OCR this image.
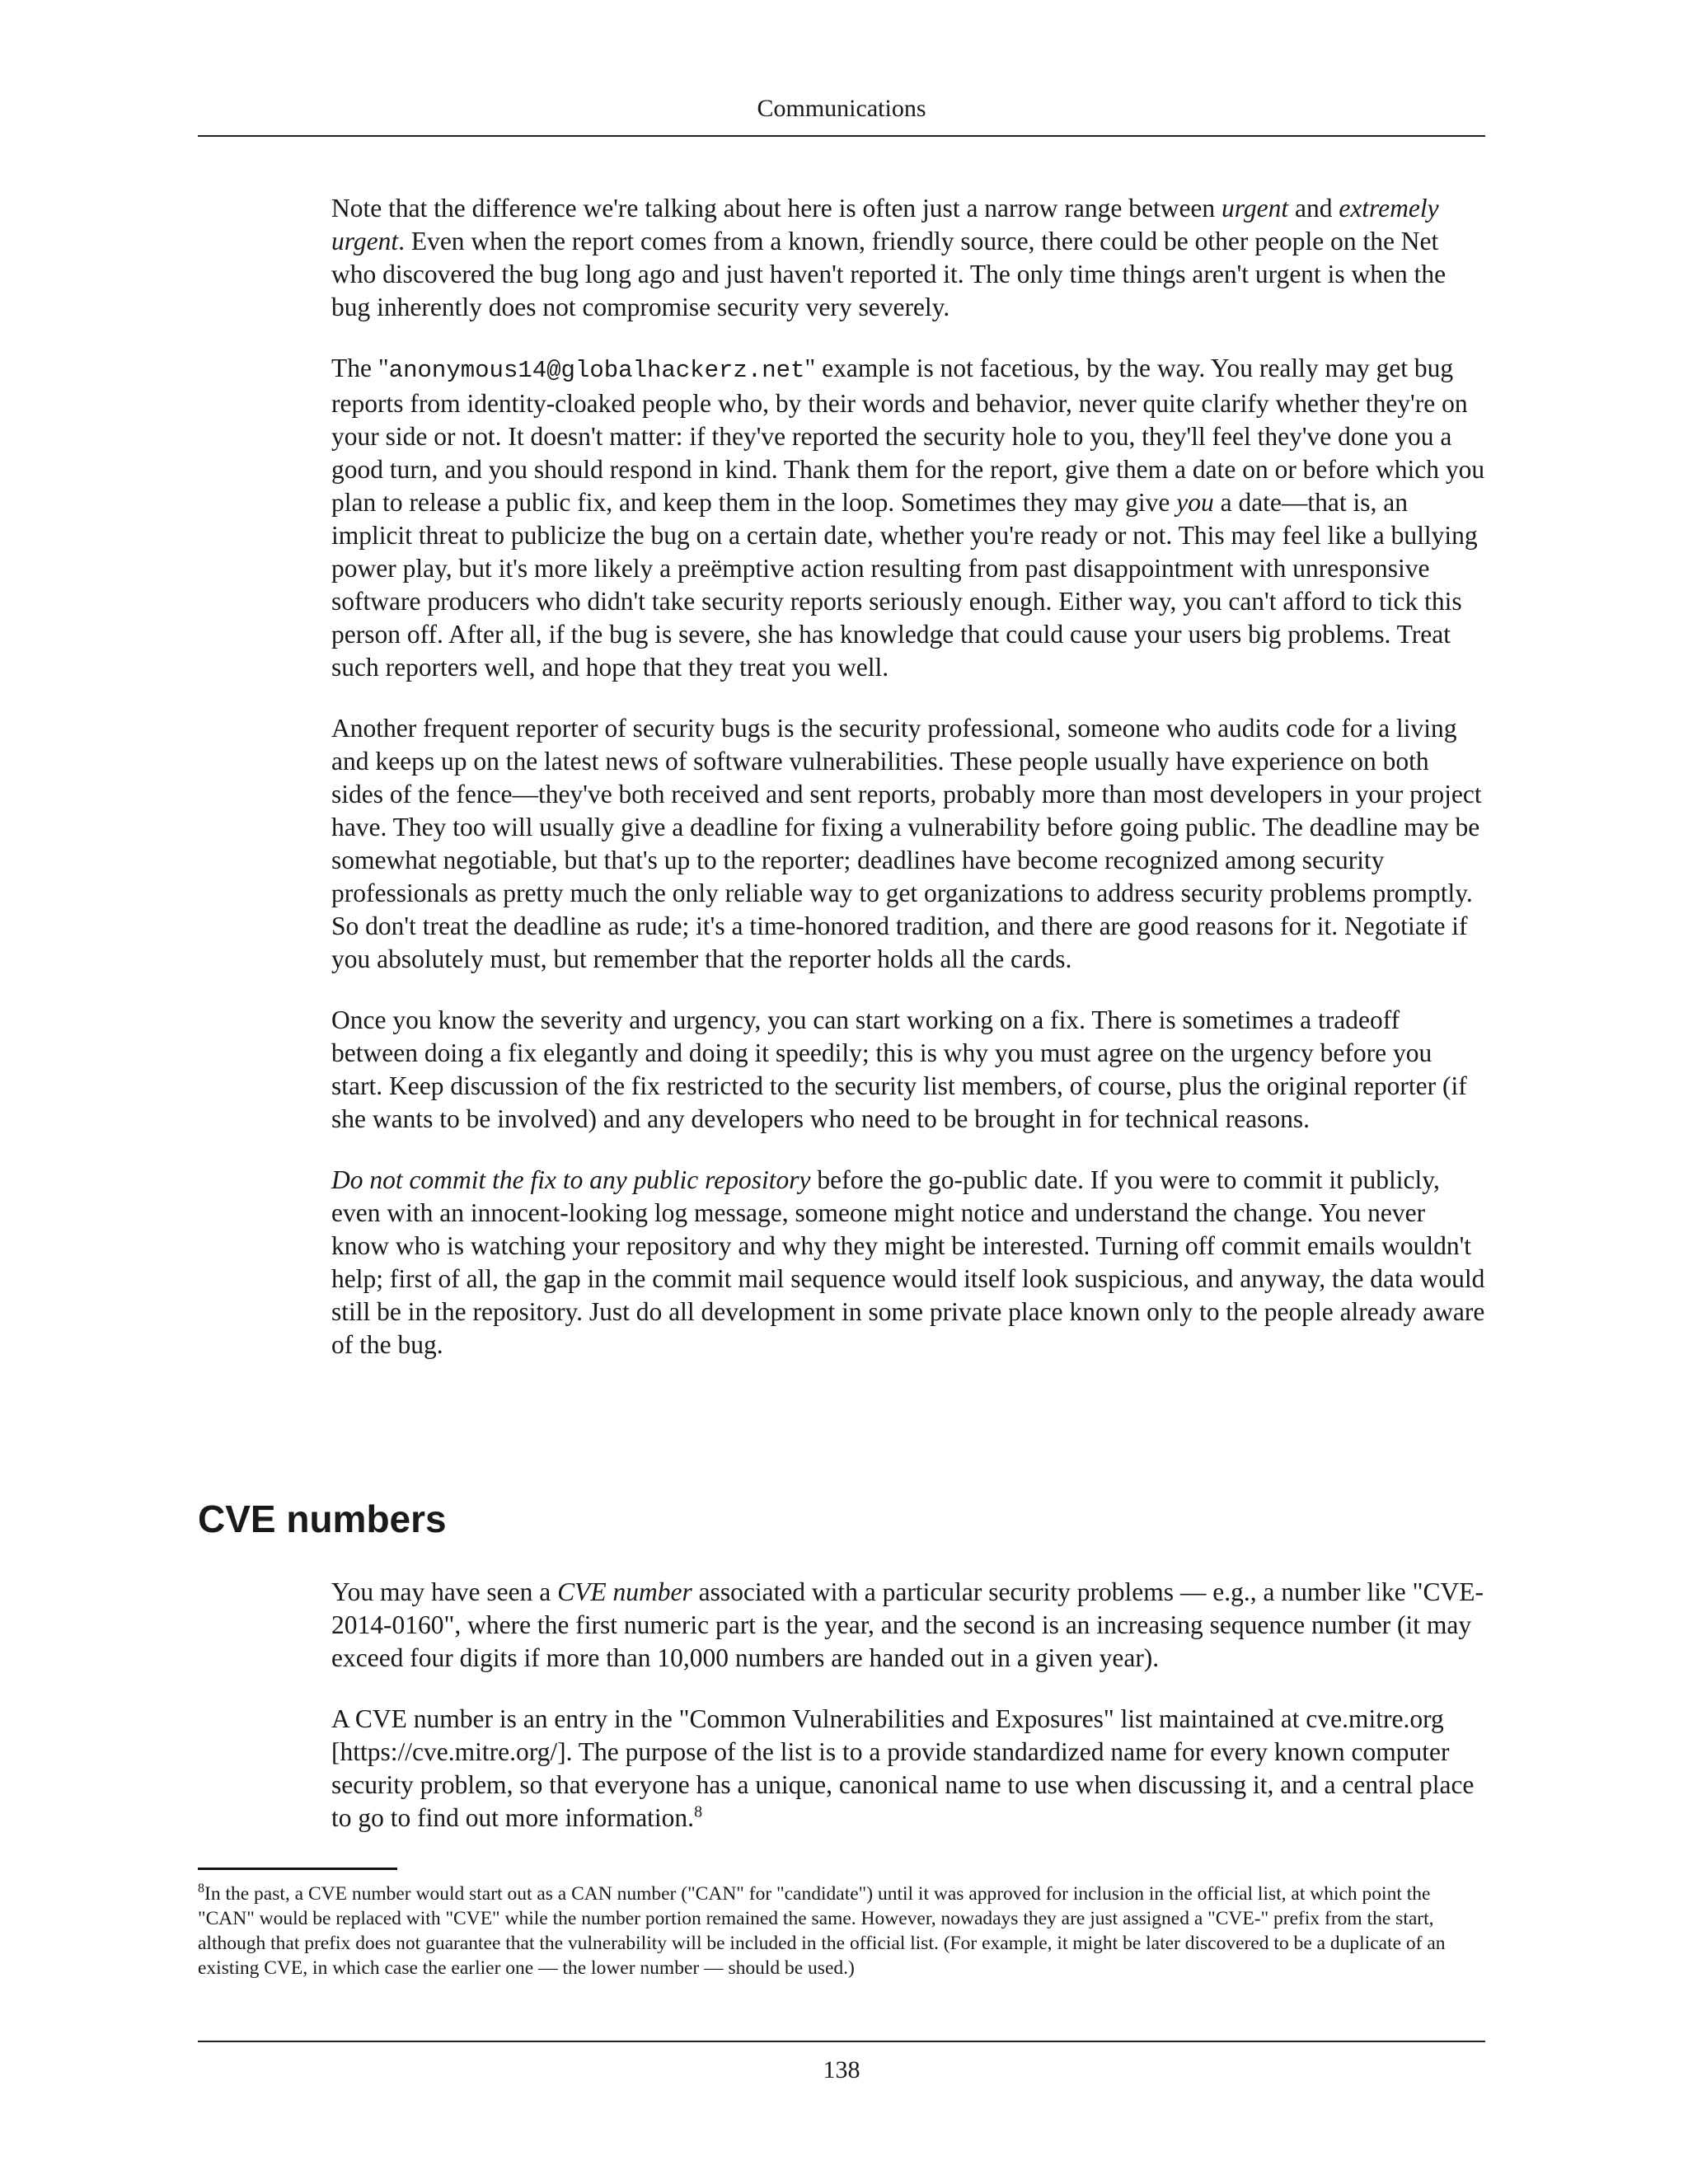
Communications

Note that the difference we're talking about here is often just a narrow range between urgent and extremely urgent. Even when the report comes from a known, friendly source, there could be other people on the Net who discovered the bug long ago and just haven't reported it. The only time things aren't urgent is when the bug inherently does not compromise security very severely.

The "anonymous14@globalhackerz.net" example is not facetious, by the way. You really may get bug reports from identity-cloaked people who, by their words and behavior, never quite clarify whether they're on your side or not. It doesn't matter: if they've reported the security hole to you, they'll feel they've done you a good turn, and you should respond in kind. Thank them for the report, give them a date on or before which you plan to release a public fix, and keep them in the loop. Sometimes they may give you a date—that is, an implicit threat to publicize the bug on a certain date, whether you're ready or not. This may feel like a bullying power play, but it's more likely a preëmptive action resulting from past disappointment with unresponsive software producers who didn't take security reports seriously enough. Either way, you can't afford to tick this person off. After all, if the bug is severe, she has knowledge that could cause your users big problems. Treat such reporters well, and hope that they treat you well.

Another frequent reporter of security bugs is the security professional, someone who audits code for a living and keeps up on the latest news of software vulnerabilities. These people usually have experience on both sides of the fence—they've both received and sent reports, probably more than most developers in your project have. They too will usually give a deadline for fixing a vulnerability before going public. The deadline may be somewhat negotiable, but that's up to the reporter; deadlines have become recognized among security professionals as pretty much the only reliable way to get organizations to address security problems promptly. So don't treat the deadline as rude; it's a time-honored tradition, and there are good reasons for it. Negotiate if you absolutely must, but remember that the reporter holds all the cards.

Once you know the severity and urgency, you can start working on a fix. There is sometimes a tradeoff between doing a fix elegantly and doing it speedily; this is why you must agree on the urgency before you start. Keep discussion of the fix restricted to the security list members, of course, plus the original reporter (if she wants to be involved) and any developers who need to be brought in for technical reasons.

Do not commit the fix to any public repository before the go-public date. If you were to commit it publicly, even with an innocent-looking log message, someone might notice and understand the change. You never know who is watching your repository and why they might be interested. Turning off commit emails wouldn't help; first of all, the gap in the commit mail sequence would itself look suspicious, and anyway, the data would still be in the repository. Just do all development in some private place known only to the people already aware of the bug.

CVE numbers

You may have seen a CVE number associated with a particular security problems — e.g., a number like "CVE-2014-0160", where the first numeric part is the year, and the second is an increasing sequence number (it may exceed four digits if more than 10,000 numbers are handed out in a given year).

A CVE number is an entry in the "Common Vulnerabilities and Exposures" list maintained at cve.mitre.org [https://cve.mitre.org/]. The purpose of the list is to a provide standardized name for every known computer security problem, so that everyone has a unique, canonical name to use when discussing it, and a central place to go to find out more information.$^8$

$^8$In the past, a CVE number would start out as a CAN number ("CAN" for "candidate") until it was approved for inclusion in the official list, at which point the "CAN" would be replaced with "CVE" while the number portion remained the same. However, nowadays they are just assigned a "CVE-" prefix from the start, although that prefix does not guarantee that the vulnerability will be included in the official list. (For example, it might be later discovered to be a duplicate of an existing CVE, in which case the earlier one — the lower number — should be used.)

138
